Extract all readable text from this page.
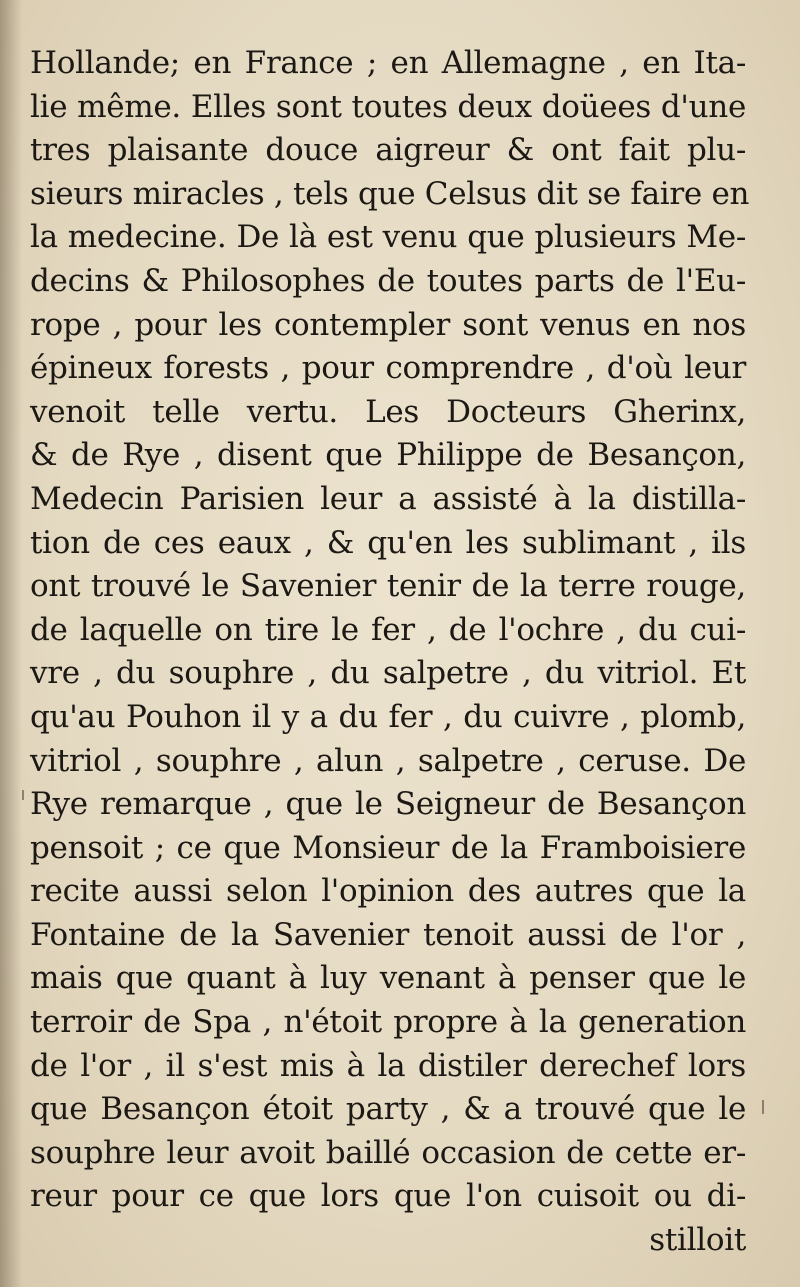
Hollande; en France ; en Allemagne , en Ita-
lie même. Elles sont toutes deux doüees d'une
tres plaisante douce aigreur & ont fait plu-
sieurs miracles , tels que Celsus dit se faire en
la medecine. De là est venu que plusieurs Me-
decins & Philosophes de toutes parts de l'Eu-
rope , pour les contempler sont venus en nos
épineux forests , pour comprendre , d'où leur
venoit telle vertu. Les Docteurs Gherinx,
& de Rye , disent que Philippe de Besançon,
Medecin Parisien leur a assisté à la distilla-
tion de ces eaux , & qu'en les sublimant , ils
ont trouvé le Savenier tenir de la terre rouge,
de laquelle on tire le fer , de l'ochre , du cui-
vre , du souphre , du salpetre , du vitriol. Et
qu'au Pouhon il y a du fer , du cuivre , plomb,
vitriol , souphre , alun , salpetre , ceruse. De
Rye remarque , que le Seigneur de Besançon
pensoit ; ce que Monsieur de la Framboisiere
recite aussi selon l'opinion des autres que la
Fontaine de la Savenier tenoit aussi de l'or ,
mais que quant à luy venant à penser que le
terroir de Spa , n'étoit propre à la generation
de l'or , il s'est mis à la distiler derechef lors
que Besançon étoit party , & a trouvé que le
souphre leur avoit baillé occasion de cette er-
reur pour ce que lors que l'on cuisoit ou di-
stilloit
